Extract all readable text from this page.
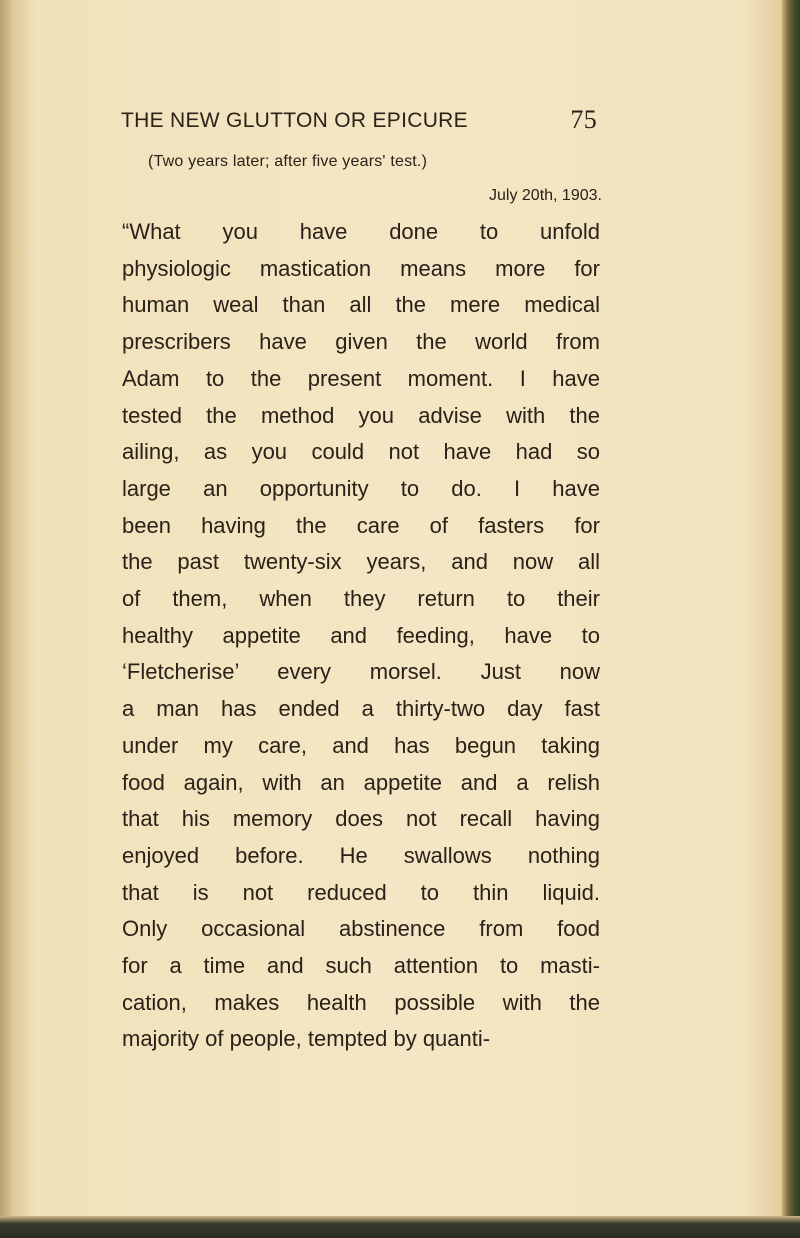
THE NEW GLUTTON OR EPICURE	75
(Two years later; after five years' test.)
July 20th, 1903.
“What you have done to unfold
physiologic mastication means more for
human weal than all the mere medical
prescribers have given the world from
Adam to the present moment. I have
tested the method you advise with the
ailing, as you could not have had so
large an opportunity to do. I have
been having the care of fasters for
the past twenty-six years, and now all
of them, when they return to their
healthy appetite and feeding, have to
‘Fletcherise’ every morsel. Just now
a man has ended a thirty-two day fast
under my care, and has begun taking
food again, with an appetite and a relish
that his memory does not recall having
enjoyed before. He swallows nothing
that is not reduced to thin liquid.
Only occasional abstinence from food
for a time and such attention to masti-
cation, makes health possible with the
majority of people, tempted by quanti-
